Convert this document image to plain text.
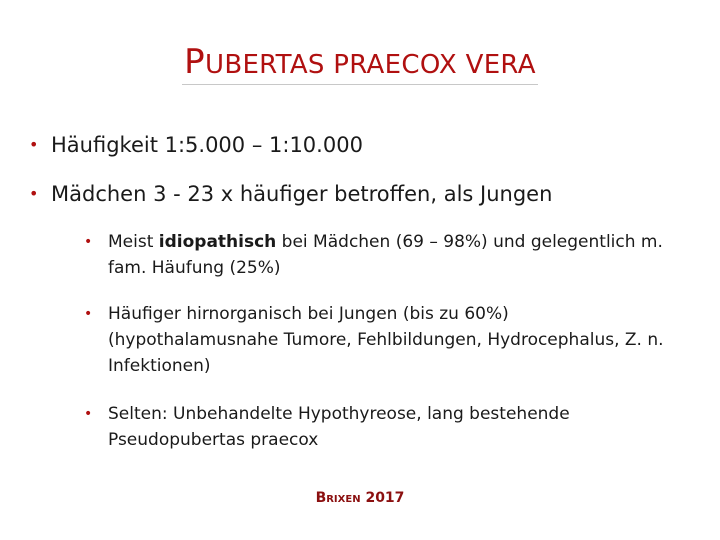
PUBERTAS PRAECOX VERA
• Häufigkeit 1:5.000 – 1:10.000
• Mädchen 3 - 23 x häufiger betroffen, als Jungen
• Meist idiopathisch bei Mädchen (69 – 98%) und gelegentlich m. fam. Häufung (25%)
• Häufiger hirnorganisch bei Jungen (bis zu 60%) (hypothalamusnahe Tumore, Fehlbildungen, Hydrocephalus, Z. n. Infektionen)
• Selten: Unbehandelte Hypothyreose, lang bestehende Pseudopubertas praecox
BRIXEN 2017
